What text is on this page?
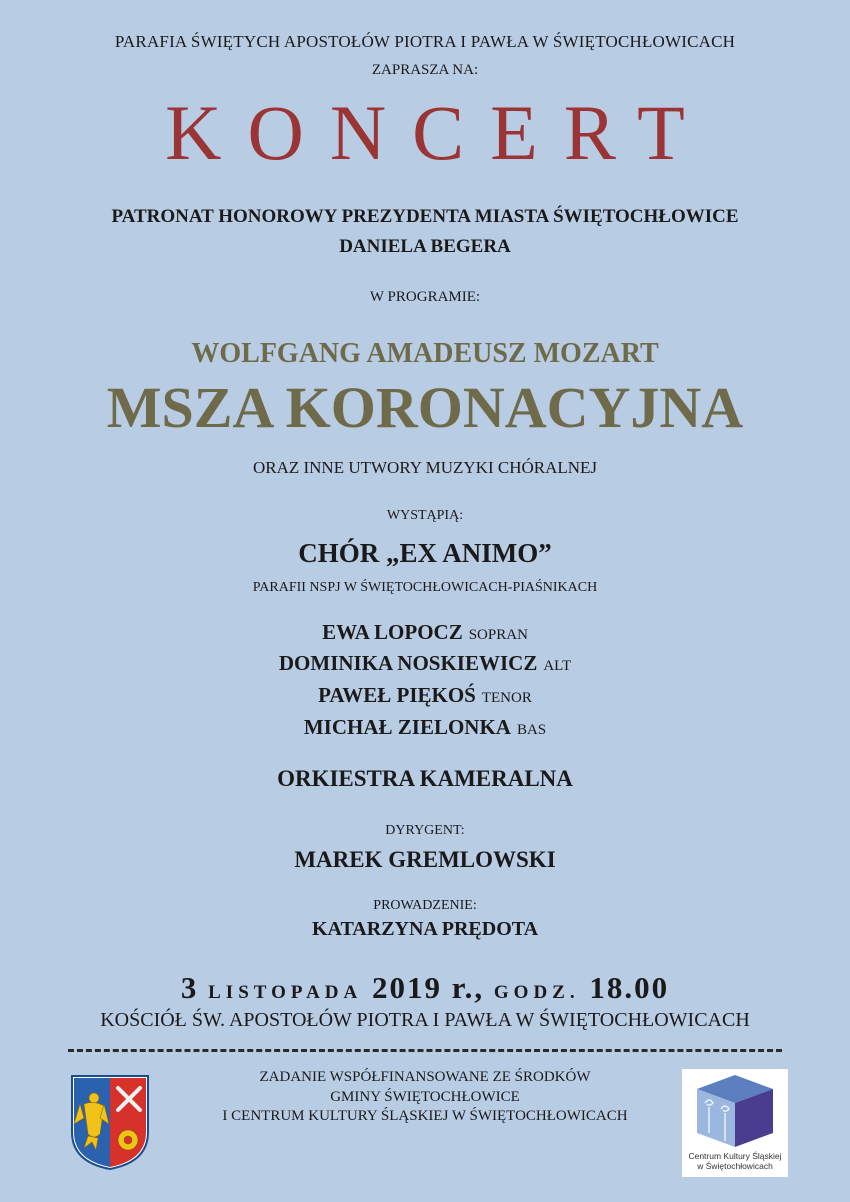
PARAFIA ŚWIĘTYCH APOSTOŁÓW PIOTRA I PAWŁA W ŚWIĘTOCHŁOWICACH
ZAPRASZA NA:
KONCERT
PATRONAT HONOROWY PREZYDENTA MIASTA ŚWIĘTOCHŁOWICE
DANIELA BEGERA
W PROGRAMIE:
WOLFGANG AMADEUSZ MOZART
MSZA KORONACYJNA
ORAZ INNE UTWORY MUZYKI CHÓRALNEJ
WYSTĄPIĄ:
CHÓR „EX ANIMO”
PARAFII NSPJ W ŚWIĘTOCHŁOWICACH-PIAŚNIKACH
EWA LOPOCZ SOPRAN
DOMINIKA NOSKIEWICZ ALT
PAWEŁ PIĘKOŚ TENOR
MICHAŁ ZIELONKA BAS
ORKIESTRA KAMERALNA
DYRYGENT:
MAREK GREMLOWSKI
PROWADZENIE:
KATARZYNA PRĘDOTA
3 LISTOPADA 2019 r., GODZ. 18.00
KOŚCIÓŁ ŚW. APOSTOŁÓW PIOTRA I PAWŁA W ŚWIĘTOCHŁOWICACH
ZADANIE WSPÓŁFINANSOWANE ZE ŚRODKÓW
GMINY ŚWIĘTOCHŁOWICE
I CENTRUM KULTURY ŚLĄSKIEJ W ŚWIĘTOCHŁOWICACH
Centrum Kultury Śląskiej
w Świętochłowicach
